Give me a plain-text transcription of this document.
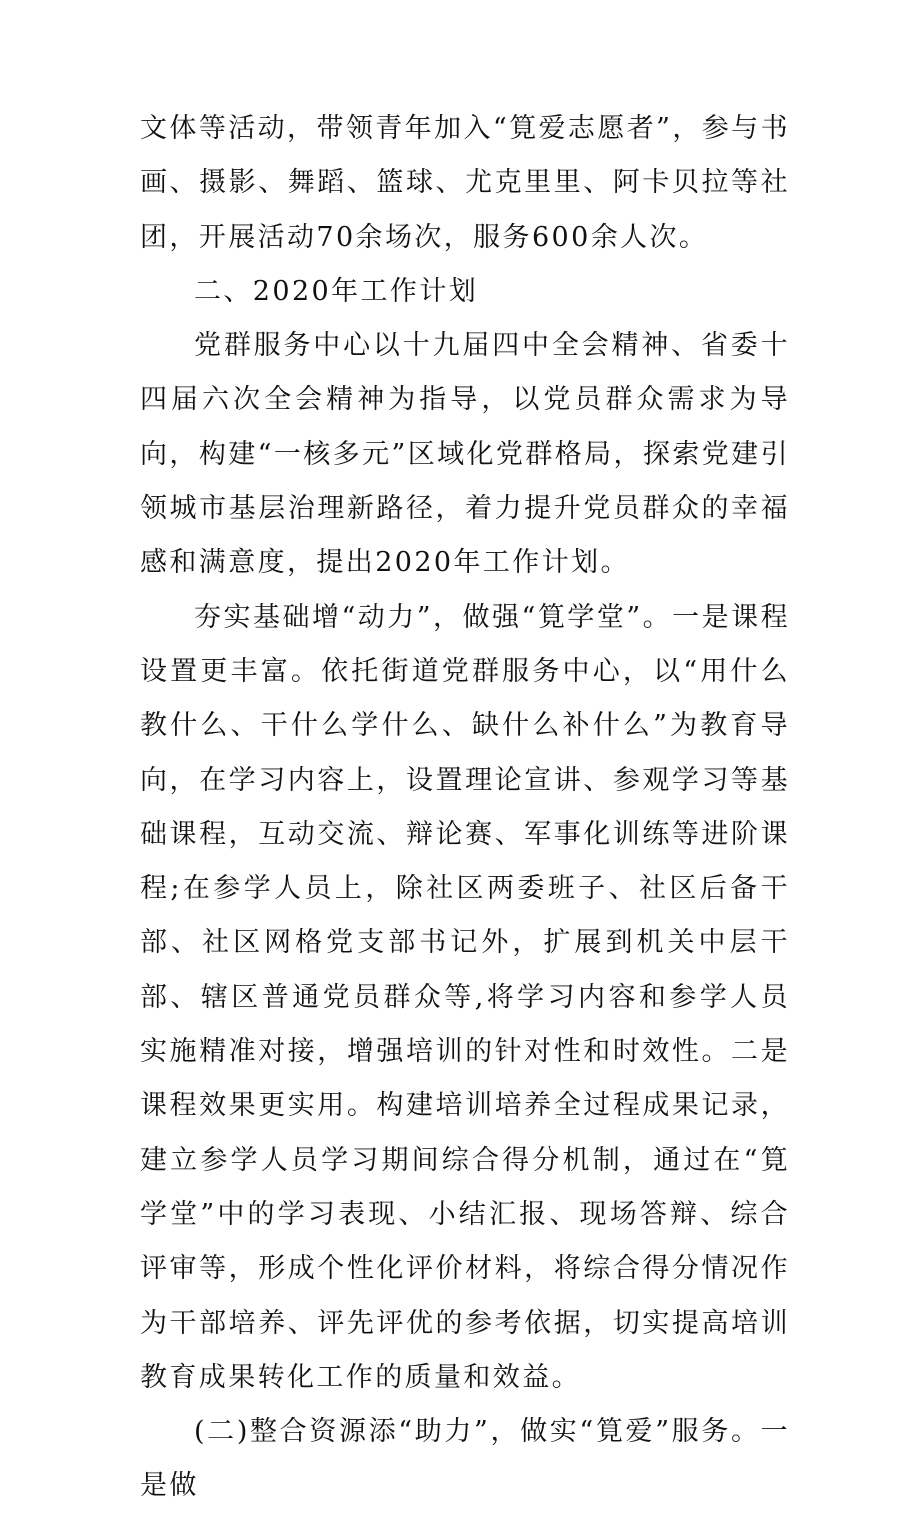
文体等活动，带领青年加入“筧爱志愿者”，参与书画、摄影、舞蹈、篮球、尤克里里、阿卡贝拉等社团，开展活动70余场次，服务600余人次。

二、2020年工作计划

党群服务中心以十九届四中全会精神、省委十四届六次全会精神为指导，以党员群众需求为导向，构建“一核多元”区域化党群格局，探索党建引领城市基层治理新路径，着力提升党员群众的幸福感和满意度，提出2020年工作计划。

夯实基础增“动力”，做强“筧学堂”。一是课程设置更丰富。依托街道党群服务中心，以“用什么教什么、干什么学什么、缺什么补什么”为教育导向，在学习内容上，设置理论宣讲、参观学习等基础课程，互动交流、辩论赛、军事化训练等进阶课程;在参学人员上，除社区两委班子、社区后备干部、社区网格党支部书记外，扩展到机关中层干部、辖区普通党员群众等,将学习内容和参学人员实施精准对接，增强培训的针对性和时效性。二是课程效果更实用。构建培训培养全过程成果记录，建立参学人员学习期间综合得分机制，通过在“筧学堂”中的学习表现、小结汇报、现场答辩、综合评审等，形成个性化评价材料，将综合得分情况作为干部培养、评先评优的参考依据，切实提高培训教育成果转化工作的质量和效益。

(二)整合资源添“助力”，做实“筧爱”服务。一是做
